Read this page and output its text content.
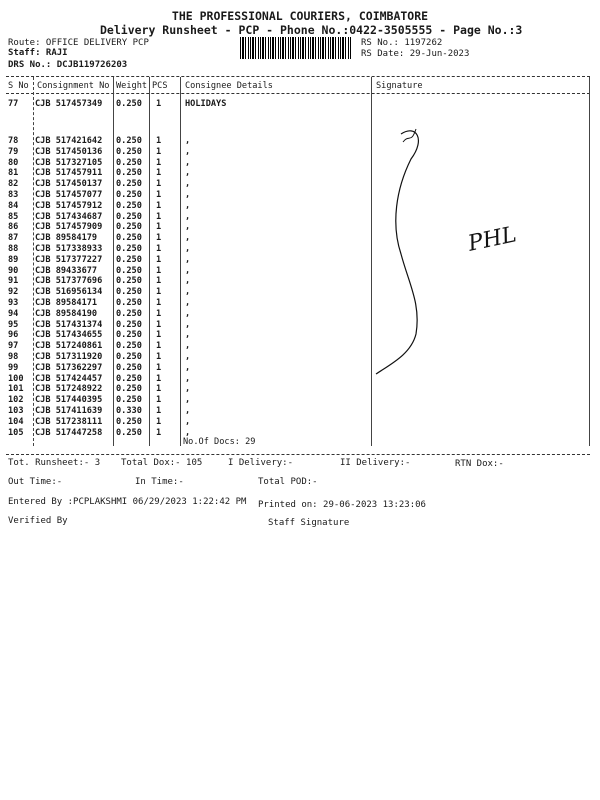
THE PROFESSIONAL COURIERS, COIMBATORE
Delivery Runsheet - PCP - Phone No.:0422-3505555 - Page No.:3
Route: OFFICE DELIVERY PCP
Staff: RAJI
DRS No.: DCJB119726203
RS No.: 1197262
RS Date: 29-Jun-2023
S No Consignment No Weight PCS Consignee Details	Signature
77 CJB 517457349 0.250 1	HOLIDAYS
78 CJB 517421642 0.250 1	,
79 CJB 517450136 0.250 1	,
80 CJB 517327105 0.250 1	,
81 CJB 517457911 0.250 1	,
82 CJB 517450137 0.250 1	,
83 CJB 517457077 0.250 1	,
84 CJB 517457912 0.250 1	,
85 CJB 517434687 0.250 1	,
86 CJB 517457909 0.250 1	,
87 CJB 89584179 0.250 1	,
88 CJB 517338933 0.250 1	,
89 CJB 517377227 0.250 1	,
90 CJB 89433677 0.250 1	,
91 CJB 517377696 0.250 1	,
92 CJB 516956134 0.250 1	,
93 CJB 89584171 0.250 1	,
94 CJB 89584190 0.250 1	,
95 CJB 517431374 0.250 1	,
96 CJB 517434655 0.250 1	,
97 CJB 517240861 0.250 1	,
98 CJB 517311920 0.250 1	,
99 CJB 517362297 0.250 1	,
100 CJB 517424457 0.250 1	,
101 CJB 517248922 0.250 1	,
102 CJB 517440395 0.250 1	,
103 CJB 517411639 0.330 1	,
104 CJB 517238111 0.250 1	,
105 CJB 517447258 0.250 1	,
No.Of Docs: 29
PHL
Tot. Runsheet:- 3 Total Dox:- 105	I Delivery:-	II Delivery:-	RTN Dox:-
Out Time:-	In Time:-	Total POD:-
Entered By :PCPLAKSHMI 06/29/2023 1:22:42 PM Printed on: 29-06-2023 13:23:06
Verified By	Staff Signature
